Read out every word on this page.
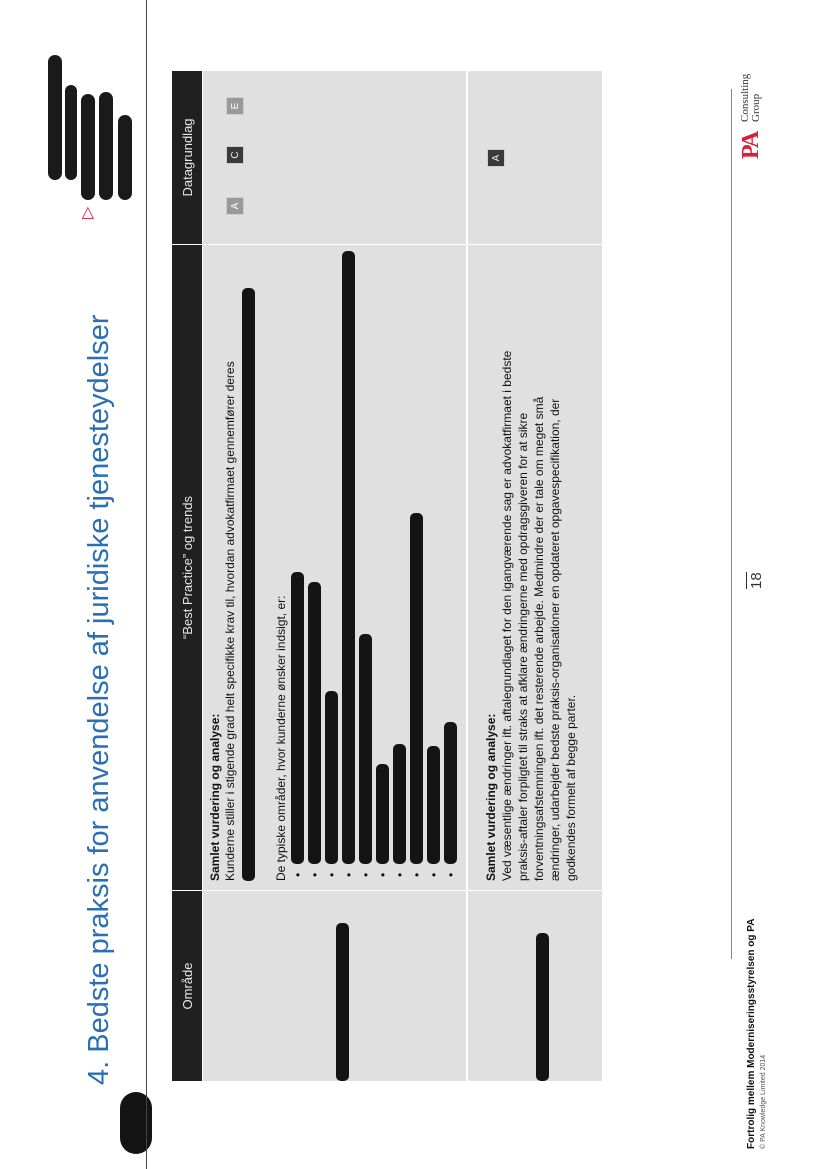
4. Bedste praksis for anvendelse af juridiske tjenesteydelser
▷
Område
“Best Practice” og trends
Datagrundlag
Samlet vurdering og analyse: Kunderne stiller i stigende grad helt specifikke krav til, hvordan advokatfirmaet gennemfører deres	De typiske områder, hvor kunderne ønsker indsigt, er: • • • • • • • • • •
A
C
E
Samlet vurdering og analyse: Ved væsentlige ændringer ift. aftalegrundlaget for den igangværende sag er advokatfirmaet i bedste praksis-aftaler forpligtet til straks at afklare ændringerne med opdragsgiveren for at sikre forventningsafstemningen ift. det resterende arbejde. Medmindre der er tale om meget små ændringer, udarbejder bedste praksis-organisationer en opdateret opgavespecifikation, der godkendes formelt af begge parter.
A
Fortrolig mellem Moderniseringsstyrelsen og PA © PA Knowledge Limited 2014
18
PA
Consulting Group
